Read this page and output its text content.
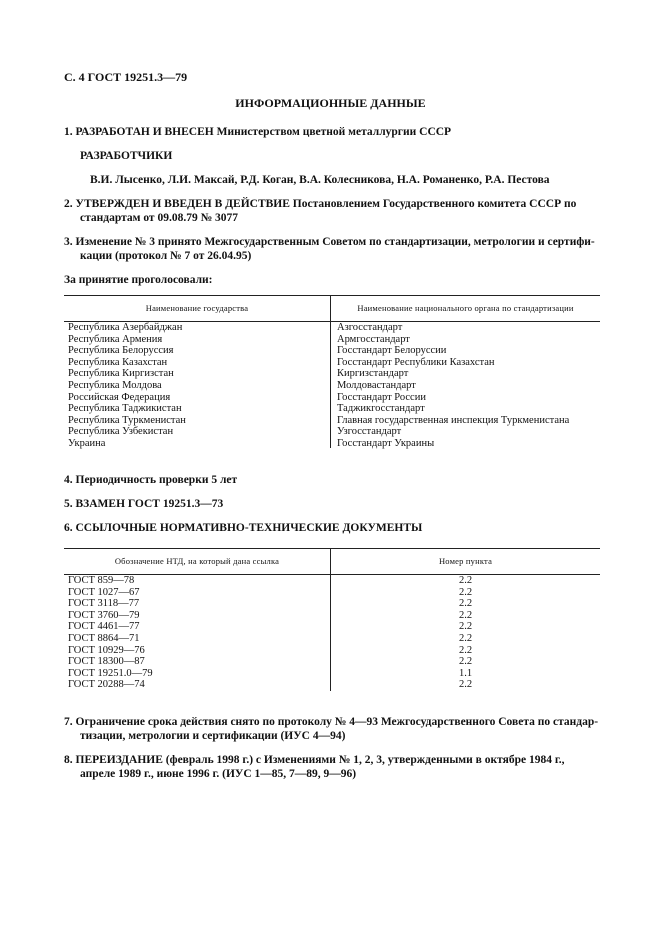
С. 4 ГОСТ 19251.3—79
ИНФОРМАЦИОННЫЕ ДАННЫЕ
1. РАЗРАБОТАН И ВНЕСЕН Министерством цветной металлургии СССР
РАЗРАБОТЧИКИ
В.И. Лысенко, Л.И. Максай, Р.Д. Коган, В.А. Колесникова, Н.А. Романенко, Р.А. Пестова
2. УТВЕРЖДЕН И ВВЕДЕН В ДЕЙСТВИЕ Постановлением Государственного комитета СССР по
стандартам от 09.08.79 № 3077
3. Изменение № 3 принято Межгосударственным Советом по стандартизации, метрологии и сертифи-
кации (протокол № 7 от 26.04.95)
За принятие проголосовали:
Наименование государства	Наименование национального органа по стандартизации
Республика Азербайджан
Республика Армения
Республика Белоруссия
Республика Казахстан
Республика Киргизстан
Республика Молдова
Российская Федерация
Республика Таджикистан
Республика Туркменистан
Республика Узбекистан
Украина
Азгосстандарт
Армгосстандарт
Госстандарт Белоруссии
Госстандарт Республики Казахстан
Киргизстандарт
Молдовастандарт
Госстандарт России
Таджикгосстандарт
Главная государственная инспекция Туркменистана
Узгосстандарт
Госстандарт Украины
4. Периодичность проверки 5 лет
5. ВЗАМЕН ГОСТ 19251.3—73
6. ССЫЛОЧНЫЕ НОРМАТИВНО-ТЕХНИЧЕСКИЕ ДОКУМЕНТЫ
Обозначение НТД, на который дана ссылка	Номер пункта
ГОСТ 859—78
ГОСТ 1027—67
ГОСТ 3118—77
ГОСТ 3760—79
ГОСТ 4461—77
ГОСТ 8864—71
ГОСТ 10929—76
ГОСТ 18300—87
ГОСТ 19251.0—79
ГОСТ 20288—74
2.2
2.2
2.2
2.2
2.2
2.2
2.2
2.2
1.1
2.2
7. Ограничение срока действия снято по протоколу № 4—93 Межгосударственного Совета по стандар-
тизации, метрологии и сертификации (ИУС 4—94)
8. ПЕРЕИЗДАНИЕ (февраль 1998 г.) с Изменениями № 1, 2, 3, утвержденными в октябре 1984 г.,
апреле 1989 г., июне 1996 г. (ИУС 1—85, 7—89, 9—96)
